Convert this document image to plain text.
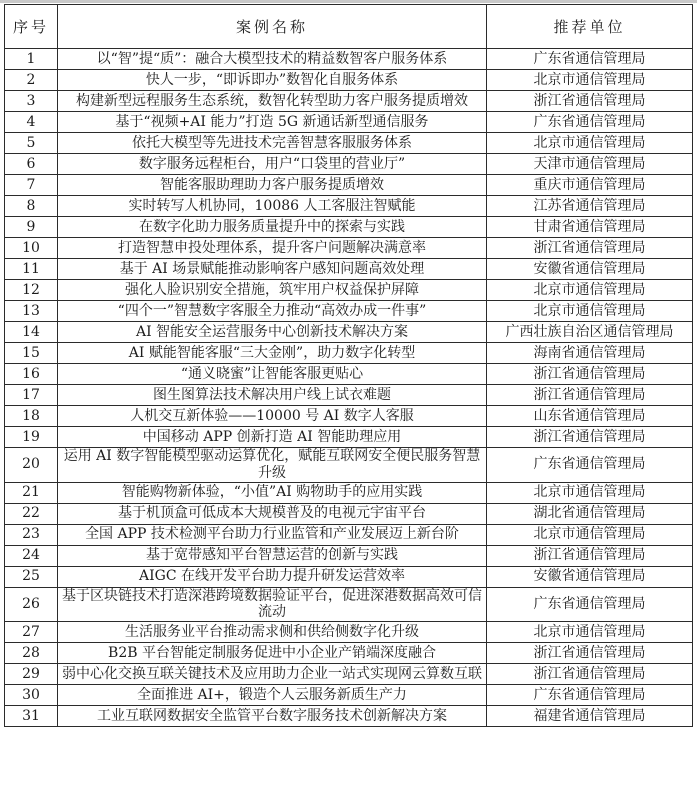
序号	案例名称	推荐单位
1	以“智”提“质”：融合大模型技术的精益数智客户服务体系	广东省通信管理局
2	快人一步，“即诉即办”数智化自服务体系	北京市通信管理局
3	构建新型远程服务生态系统，数智化转型助力客户服务提质增效	浙江省通信管理局
4	基于“视频+AI 能力”打造 5G 新通话新型通信服务	广东省通信管理局
5	依托大模型等先进技术完善智慧客服服务体系	北京市通信管理局
6	数字服务远程柜台，用户“口袋里的营业厅”	天津市通信管理局
7	智能客服助理助力客户服务提质增效	重庆市通信管理局
8	实时转写人机协同，10086 人工客服注智赋能	江苏省通信管理局
9	在数字化助力服务质量提升中的探索与实践	甘肃省通信管理局
10	打造智慧申投处理体系，提升客户问题解决满意率	浙江省通信管理局
11	基于 AI 场景赋能推动影响客户感知问题高效处理	安徽省通信管理局
12	强化人脸识别安全措施，筑牢用户权益保护屏障	北京市通信管理局
13	“四个一”智慧数字客服全力推动“高效办成一件事”	北京市通信管理局
14	AI 智能安全运营服务中心创新技术解决方案	广西壮族自治区通信管理局
15	AI 赋能智能客服“三大金刚”，助力数字化转型	海南省通信管理局
16	“通义晓蜜”让智能客服更贴心	浙江省通信管理局
17	图生图算法技术解决用户线上试衣难题	浙江省通信管理局
18	人机交互新体验——10000 号 AI 数字人客服	山东省通信管理局
19	中国移动 APP 创新打造 AI 智能助理应用	浙江省通信管理局
20	运用 AI 数字智能模型驱动运算优化，赋能互联网安全便民服务智慧升级	广东省通信管理局
21	智能购物新体验，“小值”AI 购物助手的应用实践	北京市通信管理局
22	基于机顶盒可低成本大规模普及的电视元宇宙平台	湖北省通信管理局
23	全国 APP 技术检测平台助力行业监管和产业发展迈上新台阶	北京市通信管理局
24	基于宽带感知平台智慧运营的创新与实践	浙江省通信管理局
25	AIGC 在线开发平台助力提升研发运营效率	安徽省通信管理局
26	基于区块链技术打造深港跨境数据验证平台，促进深港数据高效可信流动	广东省通信管理局
27	生活服务业平台推动需求侧和供给侧数字化升级	北京市通信管理局
28	B2B 平台智能定制服务促进中小企业产销端深度融合	浙江省通信管理局
29	弱中心化交换互联关键技术及应用助力企业一站式实现网云算数互联	浙江省通信管理局
30	全面推进 AI+，锻造个人云服务新质生产力	广东省通信管理局
31	工业互联网数据安全监管平台数字服务技术创新解决方案	福建省通信管理局
